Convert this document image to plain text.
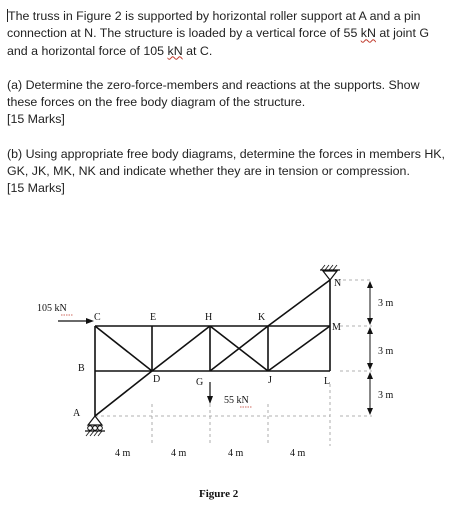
The truss in Figure 2 is supported by horizontal roller support at A and a pin connection at N. The structure is loaded by a vertical force of 55 kN at joint G and a horizontal force of 105 kN at C.

(a) Determine the zero-force-members and reactions at the supports. Show these forces on the free body diagram of the structure.

[15 Marks]

(b) Using appropriate free body diagrams, determine the forces in members HK, GK, JK, MK, NK and indicate whether they are in tension or compression.

[15 Marks]

105 kN
55 kN
A
B
C
D
E
G
H
J
K
L
M
N
3 m
3 m
3 m
4 m	4 m	4 m	4 m
Figure 2
